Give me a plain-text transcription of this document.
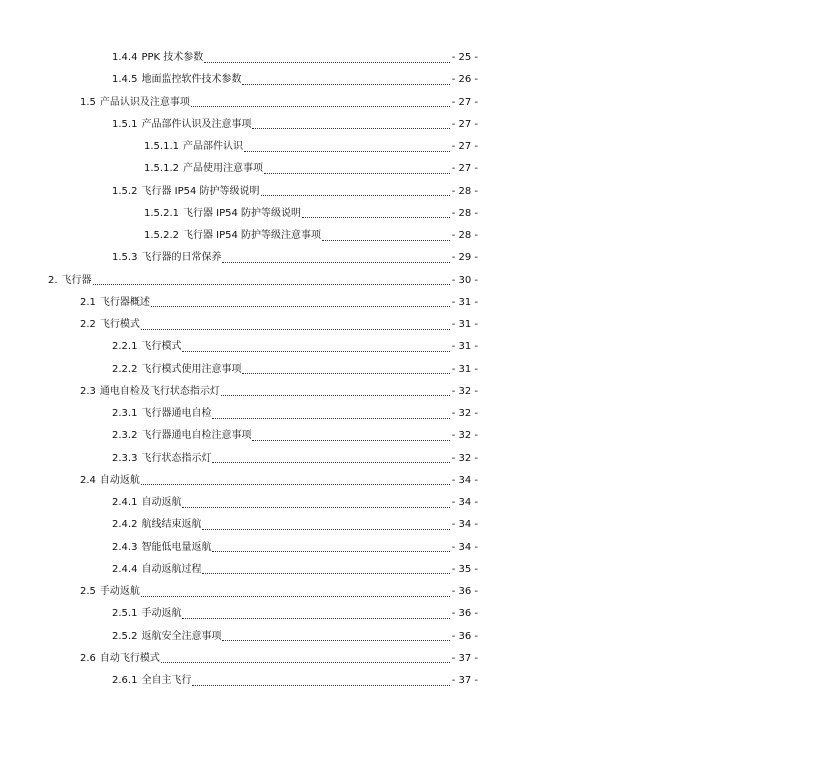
1.4.4 PPK 技术参数	- 25 -
1.4.5 地面监控软件技术参数	- 26 -
1.5 产品认识及注意事项	- 27 -
1.5.1 产品部件认识及注意事项	- 27 -
1.5.1.1 产品部件认识	- 27 -
1.5.1.2 产品使用注意事项	- 27 -
1.5.2 飞行器 IP54 防护等级说明	- 28 -
1.5.2.1 飞行器 IP54 防护等级说明	- 28 -
1.5.2.2 飞行器 IP54 防护等级注意事项	- 28 -
1.5.3 飞行器的日常保养	- 29 -
2. 飞行器	- 30 -
2.1 飞行器概述	- 31 -
2.2 飞行模式	- 31 -
2.2.1 飞行模式	- 31 -
2.2.2 飞行模式使用注意事项	- 31 -
2.3 通电自检及飞行状态指示灯	- 32 -
2.3.1 飞行器通电自检	- 32 -
2.3.2 飞行器通电自检注意事项	- 32 -
2.3.3 飞行状态指示灯	- 32 -
2.4 自动返航	- 34 -
2.4.1 自动返航	- 34 -
2.4.2 航线结束返航	- 34 -
2.4.3 智能低电量返航	- 34 -
2.4.4 自动返航过程	- 35 -
2.5 手动返航	- 36 -
2.5.1 手动返航	- 36 -
2.5.2 返航安全注意事项	- 36 -
2.6 自动飞行模式	- 37 -
2.6.1 全自主飞行	- 37 -
